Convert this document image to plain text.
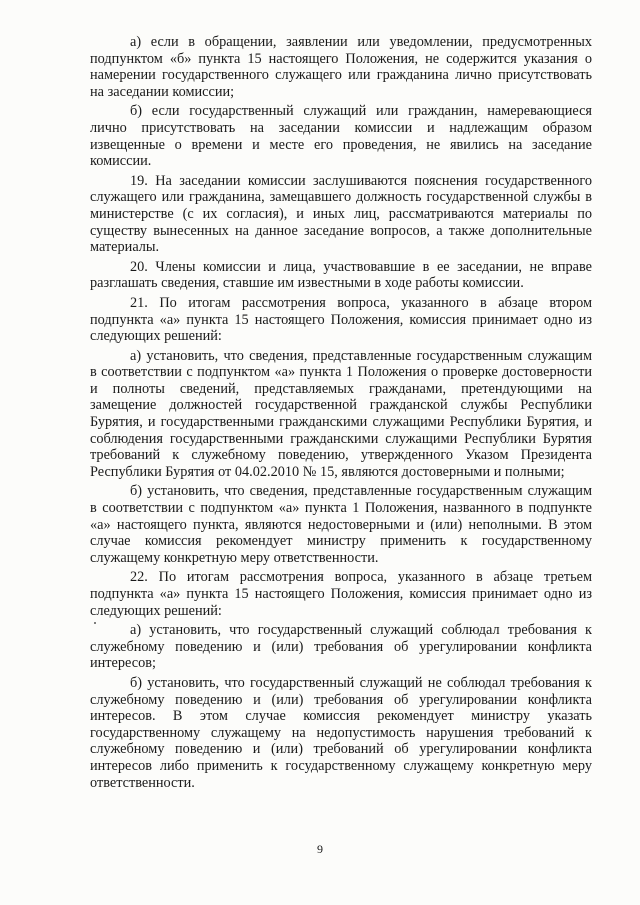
а) если в обращении, заявлении или уведомлении, предусмотренных подпунктом «б» пункта 15 настоящего Положения, не содержится указания о намерении государственного служащего или гражданина лично присутствовать на заседании комиссии;

б) если государственный служащий или гражданин, намеревающиеся лично присутствовать на заседании комиссии и надлежащим образом извещенные о времени и месте его проведения, не явились на заседание комиссии.

19. На заседании комиссии заслушиваются пояснения государственного служащего или гражданина, замещавшего должность государственной службы в министерстве (с их согласия), и иных лиц, рассматриваются материалы по существу вынесенных на данное заседание вопросов, а также дополнительные материалы.

20. Члены комиссии и лица, участвовавшие в ее заседании, не вправе разглашать сведения, ставшие им известными в ходе работы комиссии.

21. По итогам рассмотрения вопроса, указанного в абзаце втором подпункта «а» пункта 15 настоящего Положения, комиссия принимает одно из следующих решений:

а) установить, что сведения, представленные государственным служащим в соответствии с подпунктом «а» пункта 1 Положения о проверке достоверности и полноты сведений, представляемых гражданами, претендующими на замещение должностей государственной гражданской службы Республики Бурятия, и государственными гражданскими служащими Республики Бурятия, и соблюдения государственными гражданскими служащими Республики Бурятия требований к служебному поведению, утвержденного Указом Президента Республики Бурятия от 04.02.2010 № 15, являются достоверными и полными;

б) установить, что сведения, представленные государственным служащим в соответствии с подпунктом «а» пункта 1 Положения, названного в подпункте «а» настоящего пункта, являются недостоверными и (или) неполными. В этом случае комиссия рекомендует министру применить к государственному служащему конкретную меру ответственности.

22. По итогам рассмотрения вопроса, указанного в абзаце третьем подпункта «а» пункта 15 настоящего Положения, комиссия принимает одно из следующих решений:

а) установить, что государственный служащий соблюдал требования к служебному поведению и (или) требования об урегулировании конфликта интересов;

б) установить, что государственный служащий не соблюдал требования к служебному поведению и (или) требования об урегулировании конфликта интересов. В этом случае комиссия рекомендует министру указать государственному служащему на недопустимость нарушения требований к служебному поведению и (или) требований об урегулировании конфликта интересов либо применить к государственному служащему конкретную меру ответственности.

9
